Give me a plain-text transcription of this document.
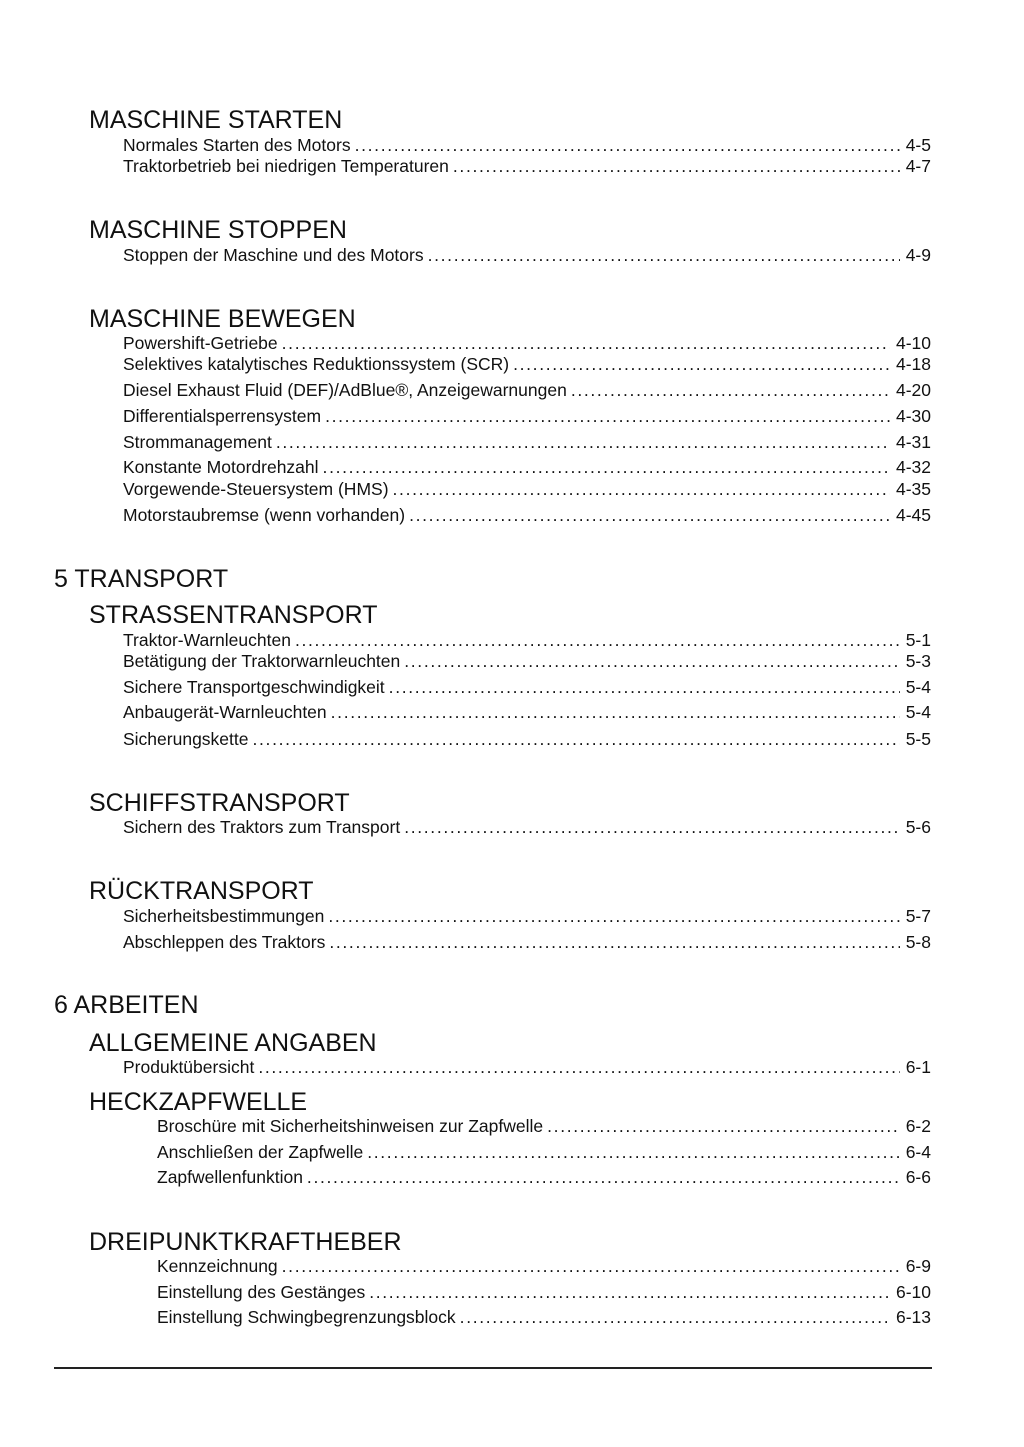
MASCHINE STARTEN
Normales Starten des Motors . . .	4-5
Traktorbetrieb bei niedrigen Temperaturen . . .	4-7
MASCHINE STOPPEN
Stoppen der Maschine und des Motors . . .	4-9
MASCHINE BEWEGEN
Powershift-Getriebe . . .	4-10
Selektives katalytisches Reduktionssystem (SCR) . . .	4-18
Diesel Exhaust Fluid (DEF)/AdBlue®, Anzeigewarnungen . . .	4-20
Differentialsperrensystem . . .	4-30
Strommanagement . . .	4-31
Konstante Motordrehzahl . . .	4-32
Vorgewende-Steuersystem (HMS) . . .	4-35
Motorstaubremse (wenn vorhanden) . . .	4-45
5 TRANSPORT
STRASSENTRANSPORT
Traktor-Warnleuchten . . .	5-1
Betätigung der Traktorwarnleuchten . . .	5-3
Sichere Transportgeschwindigkeit . . .	5-4
Anbaugerät-Warnleuchten . . .	5-4
Sicherungskette . . .	5-5
SCHIFFSTRANSPORT
Sichern des Traktors zum Transport . . .	5-6
RÜCKTRANSPORT
Sicherheitsbestimmungen . . .	5-7
Abschleppen des Traktors . . .	5-8
6 ARBEITEN
ALLGEMEINE ANGABEN
Produktübersicht . . .	6-1
HECKZAPFWELLE
Broschüre mit Sicherheitshinweisen zur Zapfwelle . . .	6-2
Anschließen der Zapfwelle . . .	6-4
Zapfwellenfunktion . . .	6-6
DREIPUNKTKRAFTHEBER
Kennzeichnung . . .	6-9
Einstellung des Gestänges . . .	6-10
Einstellung Schwingbegrenzungsblock . . .	6-13
